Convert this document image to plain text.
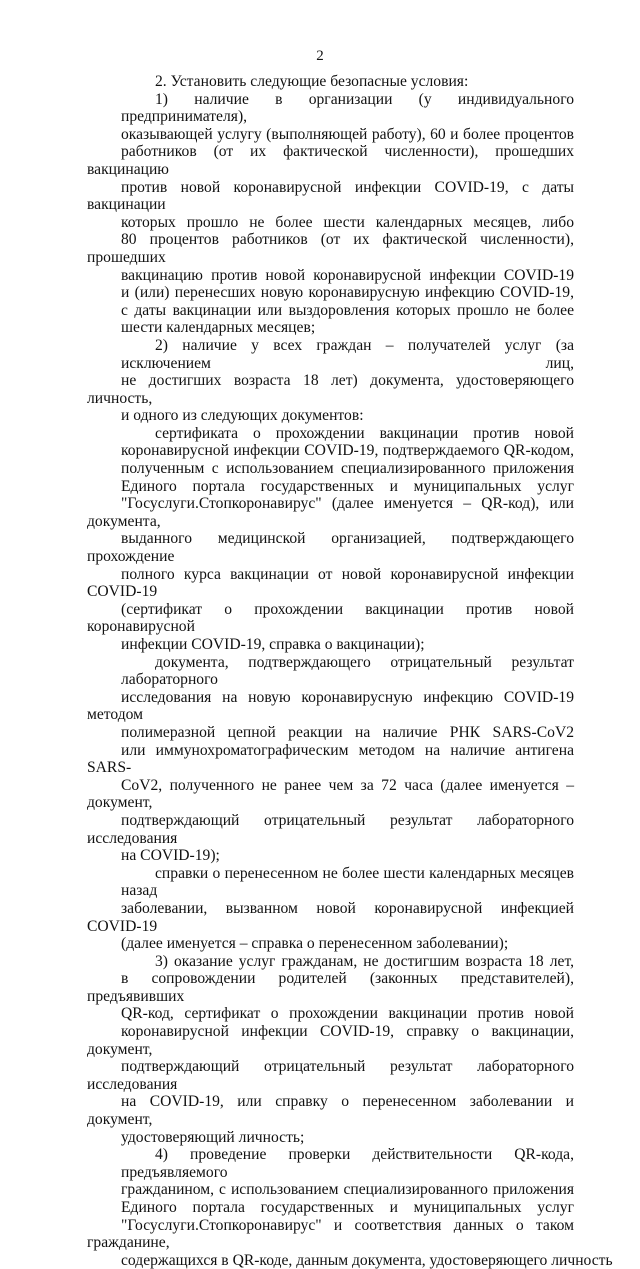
2
2. Установить следующие безопасные условия:
1) наличие в организации (у индивидуального предпринимателя),
оказывающей услугу (выполняющей работу), 60 и более процентов
работников (от их фактической численности), прошедших вакцинацию
против новой коронавирусной инфекции COVID-19, с даты вакцинации
которых прошло не более шести календарных месяцев, либо
80 процентов работников (от их фактической численности), прошедших
вакцинацию против новой коронавирусной инфекции COVID-19
и (или) перенесших новую коронавирусную инфекцию COVID-19,
с даты вакцинации или выздоровления которых прошло не более
шести календарных месяцев;
2) наличие у всех граждан – получателей услуг (за исключением лиц,
не достигших возраста 18 лет) документа, удостоверяющего личность,
и одного из следующих документов:
сертификата о прохождении вакцинации против новой
коронавирусной инфекции COVID-19, подтверждаемого QR-кодом,
полученным с использованием специализированного приложения
Единого портала государственных и муниципальных услуг
"Госуслуги.Стопкоронавирус" (далее именуется – QR-код), или документа,
выданного медицинской организацией, подтверждающего прохождение
полного курса вакцинации от новой коронавирусной инфекции COVID-19
(сертификат о прохождении вакцинации против новой коронавирусной
инфекции COVID-19, справка о вакцинации);
документа, подтверждающего отрицательный результат лабораторного
исследования на новую коронавирусную инфекцию COVID-19 методом
полимеразной цепной реакции на наличие РНК SARS-CoV2
или иммунохроматографическим методом на наличие антигена SARS-
CoV2, полученного не ранее чем за 72 часа (далее именуется – документ,
подтверждающий отрицательный результат лабораторного исследования
на COVID-19);
справки о перенесенном не более шести календарных месяцев назад
заболевании, вызванном новой коронавирусной инфекцией COVID-19
(далее именуется – справка о перенесенном заболевании);
3) оказание услуг гражданам, не достигшим возраста 18 лет,
в сопровождении родителей (законных представителей), предъявивших
QR-код, сертификат о прохождении вакцинации против новой
коронавирусной инфекции COVID-19, справку о вакцинации, документ,
подтверждающий отрицательный результат лабораторного исследования
на COVID-19, или справку о перенесенном заболевании и документ,
удостоверяющий личность;
4) проведение проверки действительности QR-кода, предъявляемого
гражданином, с использованием специализированного приложения
Единого портала государственных и муниципальных услуг
"Госуслуги.Стопкоронавирус" и соответствия данных о таком гражданине,
содержащихся в QR-коде, данным документа, удостоверяющего личность
